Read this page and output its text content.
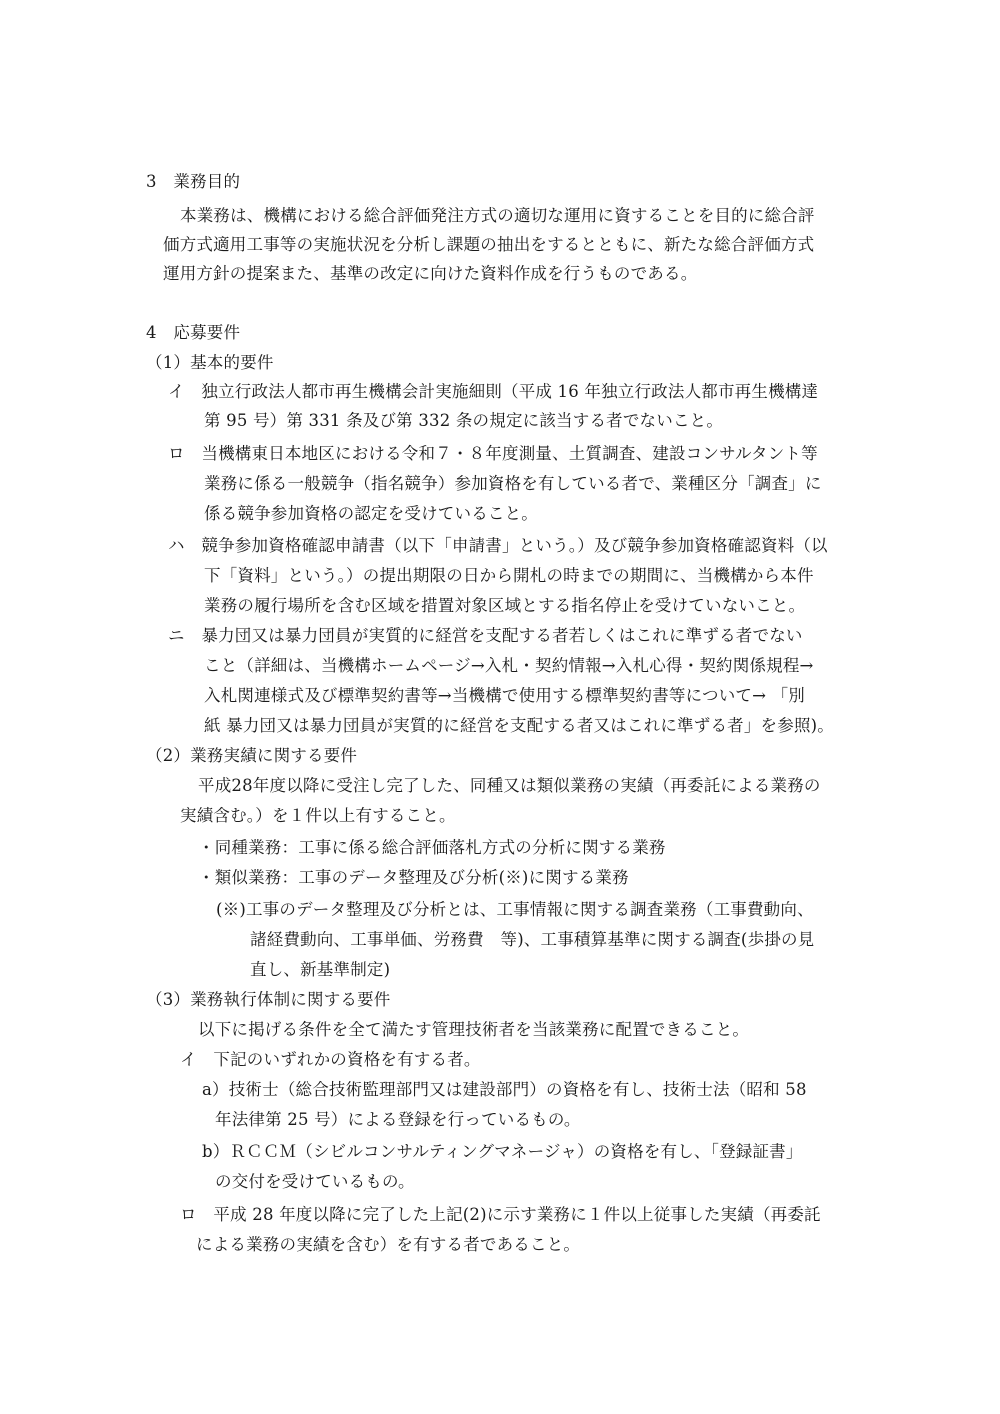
3　業務目的
本業務は、機構における総合評価発注方式の適切な運用に資することを目的に総合評
価方式適用工事等の実施状況を分析し課題の抽出をするとともに、新たな総合評価方式
運用方針の提案また、基準の改定に向けた資料作成を行うものである。
4　応募要件
（1）基本的要件
イ　独立行政法人都市再生機構会計実施細則（平成 16 年独立行政法人都市再生機構達
第 95 号）第 331 条及び第 332 条の規定に該当する者でないこと。
ロ　当機構東日本地区における令和７・８年度測量、土質調査、建設コンサルタント等
業務に係る一般競争（指名競争）参加資格を有している者で、業種区分「調査」に
係る競争参加資格の認定を受けていること。
ハ　競争参加資格確認申請書（以下「申請書」という。）及び競争参加資格確認資料（以
下「資料」という。）の提出期限の日から開札の時までの期間に、当機構から本件
業務の履行場所を含む区域を措置対象区域とする指名停止を受けていないこと。
ニ　暴力団又は暴力団員が実質的に経営を支配する者若しくはこれに準ずる者でない
こと（詳細は、当機構ホームページ→入札・契約情報→入札心得・契約関係規程→
入札関連様式及び標準契約書等→当機構で使用する標準契約書等について→ 「別
紙 暴力団又は暴力団員が実質的に経営を支配する者又はこれに準ずる者」を参照)。
（2）業務実績に関する要件
平成28年度以降に受注し完了した、同種又は類似業務の実績（再委託による業務の
実績含む。）を１件以上有すること。
・同種業務：工事に係る総合評価落札方式の分析に関する業務
・類似業務：工事のデータ整理及び分析(※)に関する業務
(※)工事のデータ整理及び分析とは、工事情報に関する調査業務（工事費動向、
諸経費動向、工事単価、労務費　等)、工事積算基準に関する調査(歩掛の見
直し、新基準制定)
（3）業務執行体制に関する要件
以下に掲げる条件を全て満たす管理技術者を当該業務に配置できること。
イ　下記のいずれかの資格を有する者。
a）技術士（総合技術監理部門又は建設部門）の資格を有し、技術士法（昭和 58
年法律第 25 号）による登録を行っているもの。
b）ＲＣＣＭ（シビルコンサルティングマネージャ）の資格を有し、「登録証書」
の交付を受けているもの。
ロ　平成 28 年度以降に完了した上記(2)に示す業務に１件以上従事した実績（再委託
による業務の実績を含む）を有する者であること。
